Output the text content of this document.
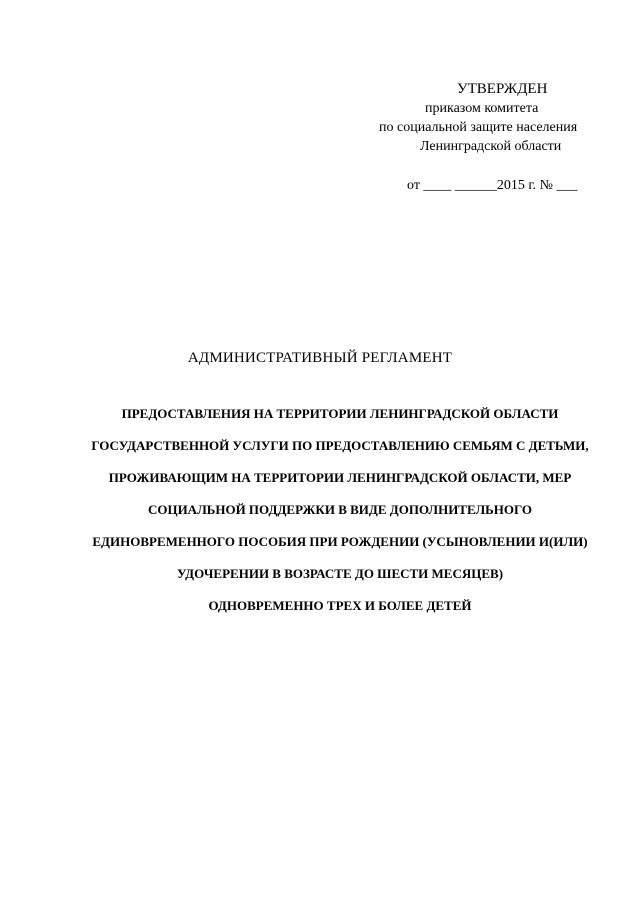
УТВЕРЖДЕН
приказом комитета
по социальной защите населения
Ленинградской области
от ____ ______2015 г. № ___
АДМИНИСТРАТИВНЫЙ РЕГЛАМЕНТ

ПРЕДОСТАВЛЕНИЯ НА ТЕРРИТОРИИ ЛЕНИНГРАДСКОЙ ОБЛАСТИ

ГОСУДАРСТВЕННОЙ УСЛУГИ ПО ПРЕДОСТАВЛЕНИЮ СЕМЬЯМ С ДЕТЬМИ,

ПРОЖИВАЮЩИМ НА ТЕРРИТОРИИ ЛЕНИНГРАДСКОЙ ОБЛАСТИ, МЕР

СОЦИАЛЬНОЙ ПОДДЕРЖКИ В ВИДЕ ДОПОЛНИТЕЛЬНОГО

ЕДИНОВРЕМЕННОГО ПОСОБИЯ ПРИ РОЖДЕНИИ (УСЫНОВЛЕНИИ И(ИЛИ)

УДОЧЕРЕНИИ В ВОЗРАСТЕ ДО ШЕСТИ МЕСЯЦЕВ)

ОДНОВРЕМЕННО ТРЕХ И БОЛЕЕ ДЕТЕЙ
